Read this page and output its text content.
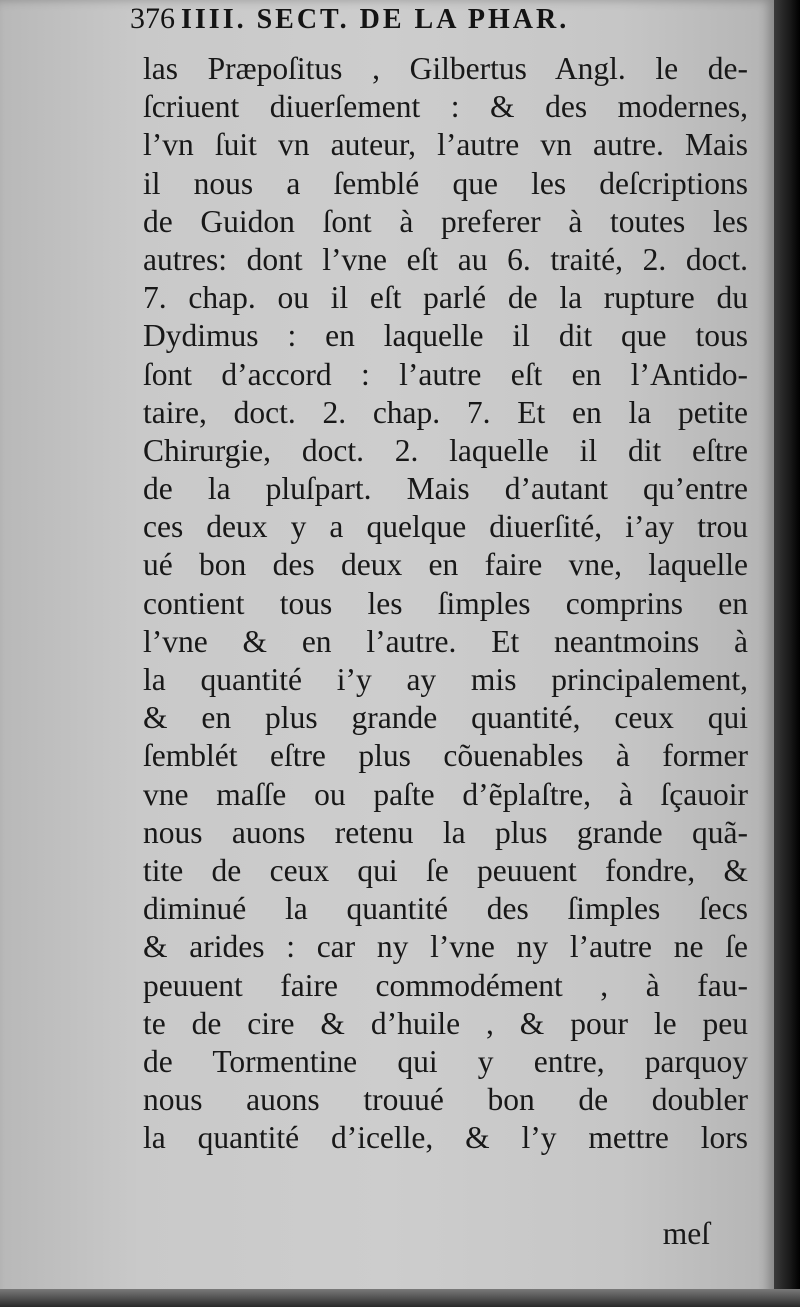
376 IIII. SECT. DE LA PHAR.
las Præpoſitus , Gilbertus Angl. le de-
ſcriuent diuerſement : & des modernes,
l’vn ſuit vn auteur, l’autre vn autre. Mais
il nous a ſemblé que les deſcriptions
de Guidon ſont à preferer à toutes les
autres: dont l’vne eſt au 6. traité, 2. doct.
7. chap. ou il eſt parlé de la rupture du
Dydimus : en laquelle il dit que tous
ſont d’accord : l’autre eſt en l’Antido-
taire, doct. 2. chap. 7. Et en la petite
Chirurgie, doct. 2. laquelle il dit eſtre
de la pluſpart. Mais d’autant qu’entre
ces deux y a quelque diuerſité, i’ay trou
ué bon des deux en faire vne, laquelle
contient tous les ſimples comprins en
l’vne & en l’autre. Et neantmoins à
la quantité i’y ay mis principalement,
& en plus grande quantité, ceux qui
ſemblét eſtre plus cõuenables à former
vne maſſe ou paſte d’ẽplaſtre, à ſçauoir
nous auons retenu la plus grande quã-
tite de ceux qui ſe peuuent fondre, &
diminué la quantité des ſimples ſecs
& arides : car ny l’vne ny l’autre ne ſe
peuuent faire commodément , à fau-
te de cire & d’huile , & pour le peu
de Tormentine qui y entre, parquoy
nous auons trouué bon de doubler
la quantité d’icelle, & l’y mettre lors
meſ
